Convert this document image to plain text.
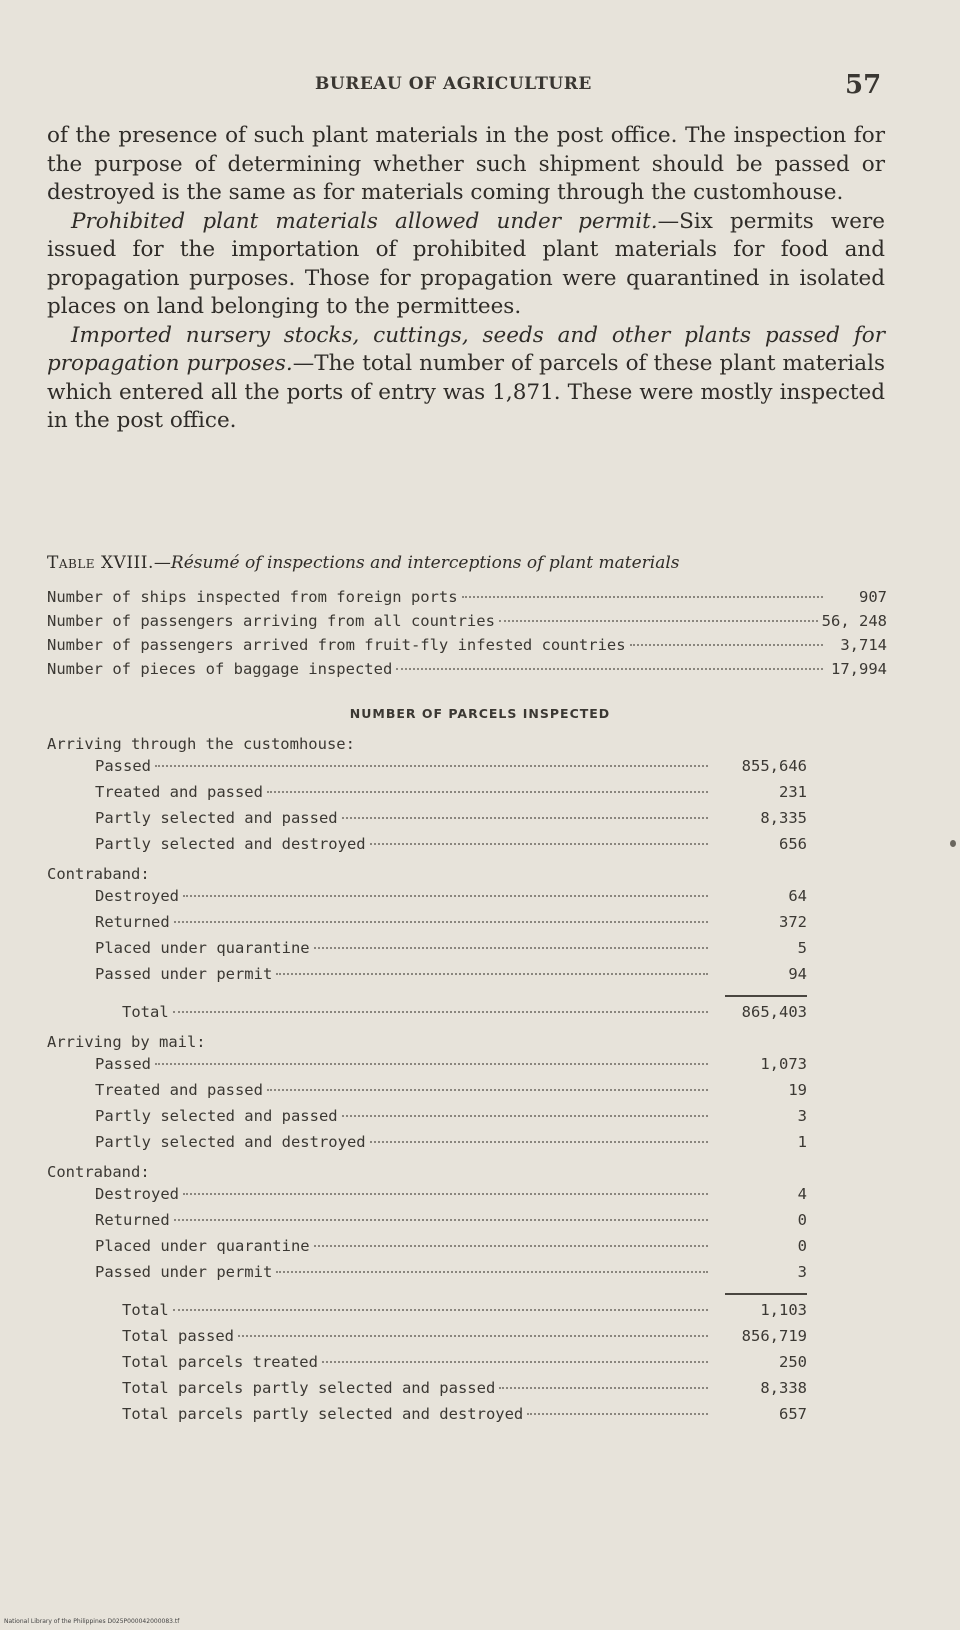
BUREAU OF AGRICULTURE	57

of the presence of such plant materials in the post office. The inspection for the purpose of determining whether such shipment should be passed or destroyed is the same as for materials coming through the customhouse.

Prohibited plant materials allowed under permit.—Six permits were issued for the importation of prohibited plant materials for food and propagation purposes. Those for propagation were quarantined in isolated places on land belonging to the permittees.

Imported nursery stocks, cuttings, seeds and other plants passed for propagation purposes.—The total number of parcels of these plant materials which entered all the ports of entry was 1,871. These were mostly inspected in the post office.

Table XVIII.—Résumé of inspections and interceptions of plant materials
Number of ships inspected from foreign ports	907
Number of passengers arriving from all countries	56, 248
Number of passengers arrived from fruit-fly infested countries	3,714
Number of pieces of baggage inspected	17,994
NUMBER OF PARCELS INSPECTED
Arriving through the customhouse:
Passed	855,646
Treated and passed	231
Partly selected and passed	8,335
Partly selected and destroyed	656
Contraband:
Destroyed	64
Returned	372
Placed under quarantine	5
Passed under permit	94
Total	865,403
Arriving by mail:
Passed	1,073
Treated and passed	19
Partly selected and passed	3
Partly selected and destroyed	1
Contraband:
Destroyed	4
Returned	0
Placed under quarantine	0
Passed under permit	3
Total	1,103
Total passed	856,719
Total parcels treated	250
Total parcels partly selected and passed	8,338
Total parcels partly selected and destroyed	657
National Library of the Philippines D025P000042000083.tf
